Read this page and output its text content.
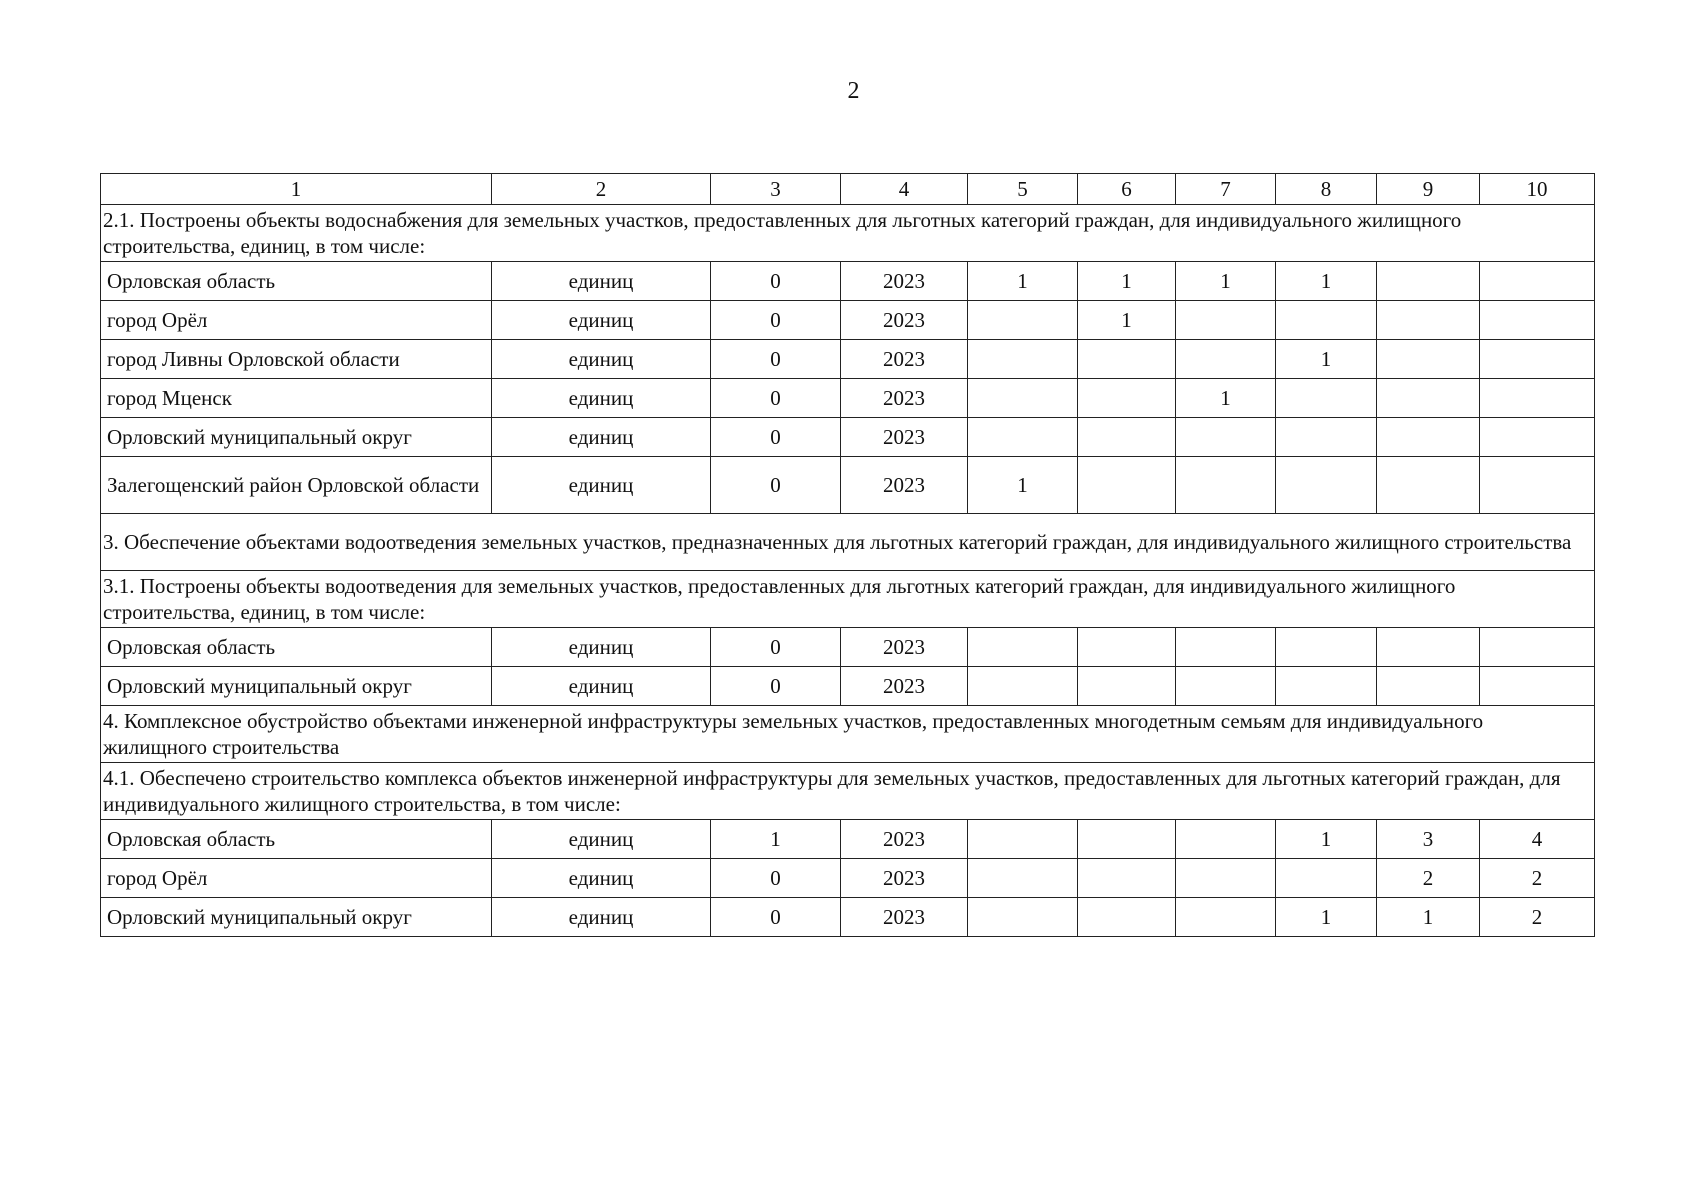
2
1	2	3	4	5	6	7	8	9	10
2.1. Построены объекты водоснабжения для земельных участков, предоставленных для льготных категорий граждан, для индивидуального жилищного строительства, единиц, в том числе:									
Орловская область	единиц	0	2023	1	1	1	1		
город Орёл	единиц	0	2023		1				
город Ливны Орловской области	единиц	0	2023				1		
город Мценск	единиц	0	2023			1			
Орловский муниципальный округ	единиц	0	2023						
Залегощенский район Орловской области	единиц	0	2023	1					
3. Обеспечение объектами водоотведения земельных участков, предназначенных для льготных категорий граждан, для индивидуального жилищного строительства									
3.1. Построены объекты водоотведения для земельных участков, предоставленных для льготных категорий граждан, для индивидуального жилищного строительства, единиц, в том числе:									
Орловская область	единиц	0	2023						
Орловский муниципальный округ	единиц	0	2023						
4. Комплексное обустройство объектами инженерной инфраструктуры земельных участков, предоставленных многодетным семьям для индивидуального жилищного строительства									
4.1. Обеспечено строительство комплекса объектов инженерной инфраструктуры для земельных участков, предоставленных для льготных категорий граждан, для индивидуального жилищного строительства, в том числе:									
Орловская область	единиц	1	2023				1	3	4
город Орёл	единиц	0	2023					2	2
Орловский муниципальный округ	единиц	0	2023				1	1	2
